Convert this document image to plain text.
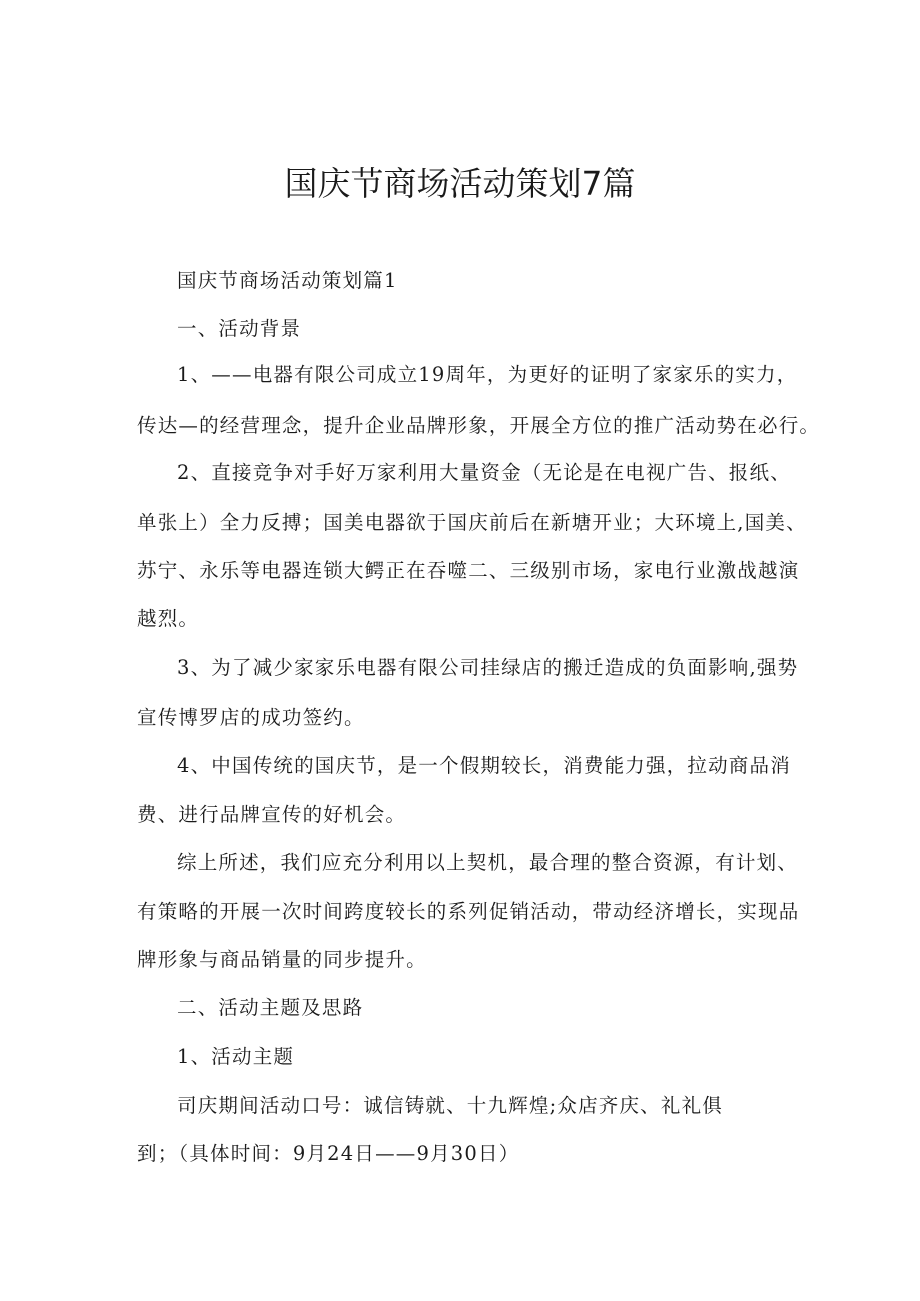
国庆节商场活动策划7篇

国庆节商场活动策划篇1

一、活动背景

1、——电器有限公司成立19周年，为更好的证明了家家乐的实力，

传达—的经营理念，提升企业品牌形象，开展全方位的推广活动势在必行。

2、直接竞争对手好万家利用大量资金（无论是在电视广告、报纸、

单张上）全力反搏；国美电器欲于国庆前后在新塘开业；大环境上,国美、

苏宁、永乐等电器连锁大鳄正在吞噬二、三级别市场，家电行业激战越演

越烈。

3、为了减少家家乐电器有限公司挂绿店的搬迁造成的负面影响,强势

宣传博罗店的成功签约。

4、中国传统的国庆节，是一个假期较长，消费能力强，拉动商品消

费、进行品牌宣传的好机会。

综上所述，我们应充分利用以上契机，最合理的整合资源，有计划、

有策略的开展一次时间跨度较长的系列促销活动，带动经济增长，实现品

牌形象与商品销量的同步提升。

二、活动主题及思路

1、活动主题

司庆期间活动口号：诚信铸就、十九辉煌;众店齐庆、礼礼俱

到；（具体时间：9月24日——9月30日）
